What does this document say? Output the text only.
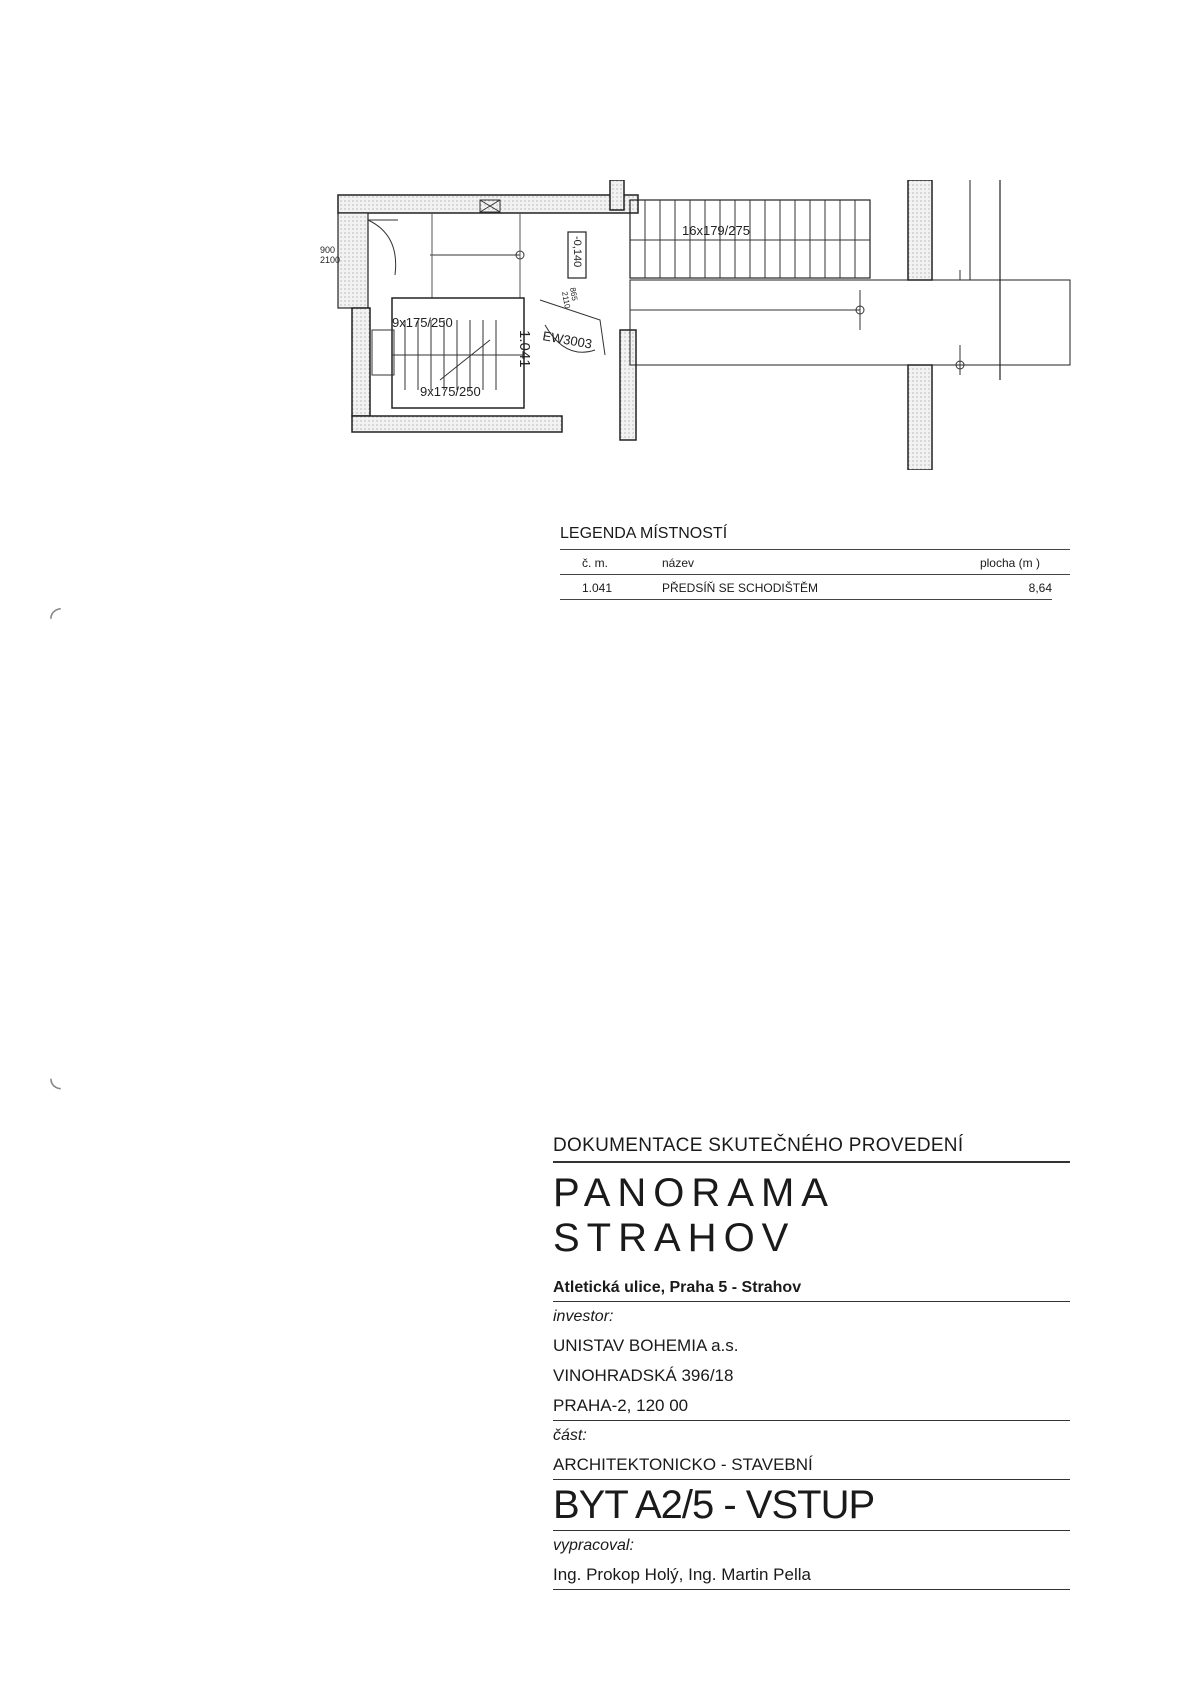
16x179/275
9x175/250
9x175/250
1.041
-0,140
EW3003
865
2110
900
2100
LEGENDA MÍSTNOSTÍ
č. m.	název	plocha (m )
1.041	PŘEDSÍŇ SE SCHODIŠTĚM	8,64
◜
◟
DOKUMENTACE SKUTEČNÉHO PROVEDENÍ
PANORAMA STRAHOV
Atletická ulice, Praha 5 - Strahov
investor:
UNISTAV BOHEMIA a.s.
VINOHRADSKÁ 396/18
PRAHA-2, 120 00
část:
ARCHITEKTONICKO - STAVEBNÍ
BYT A2/5 - VSTUP
vypracoval:
Ing. Prokop Holý, Ing. Martin Pella
